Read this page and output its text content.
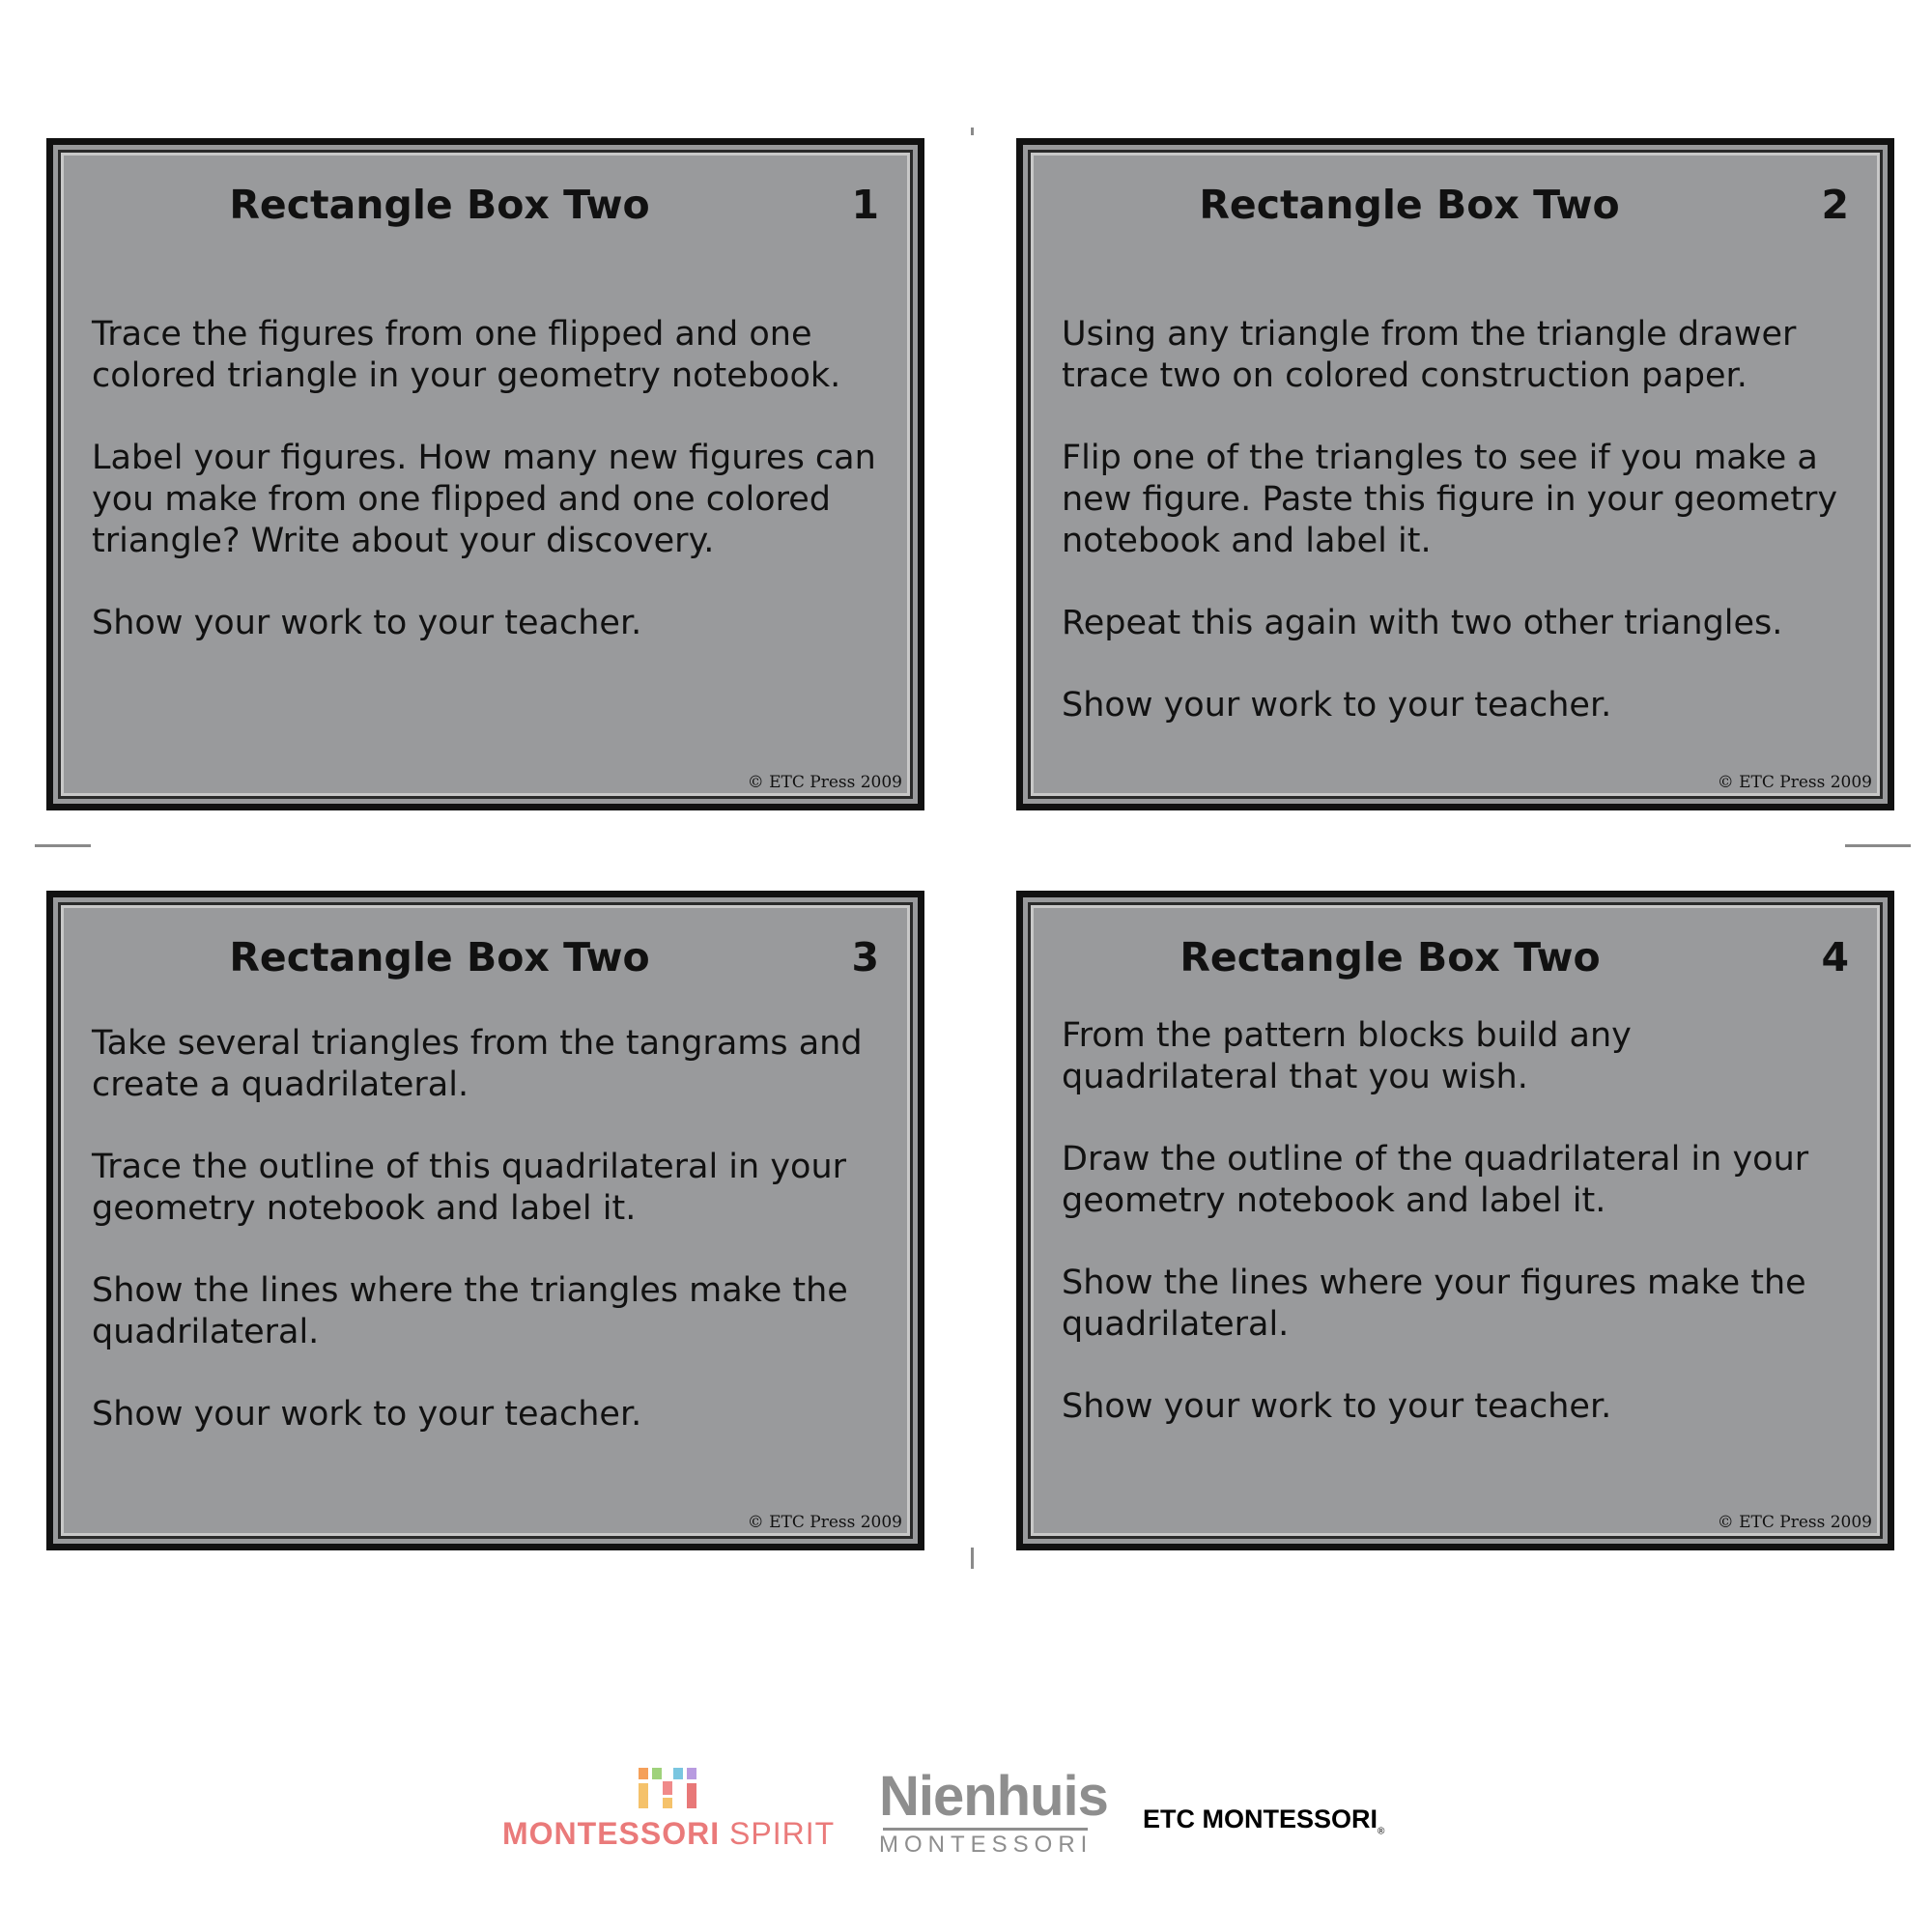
Rectangle Box Two	1

Trace the figures from one flipped and one colored triangle in your geometry notebook.

Label your figures. How many new figures can you make from one flipped and one colored triangle? Write about your discovery.

Show your work to your teacher.

© ETC Press 2009
Rectangle Box Two	2

Using any triangle from the triangle drawer trace two on colored construction paper.

Flip one of the triangles to see if you make a new figure. Paste this figure in your geometry notebook and label it.

Repeat this again with two other triangles.

Show your work to your teacher.

© ETC Press 2009
Rectangle Box Two	3

Take several triangles from the tangrams and create a quadrilateral.

Trace the outline of this quadrilateral in your geometry notebook and label it.

Show the lines where the triangles make the quadrilateral.

Show your work to your teacher.

© ETC Press 2009
Rectangle Box Two	4

From the pattern blocks build any quadrilateral that you wish.

Draw the outline of the quadrilateral in your geometry notebook and label it.

Show the lines where your figures make the quadrilateral.

Show your work to your teacher.

© ETC Press 2009
MONTESSORI SPIRIT
Nienhuis
MONTESSORI
ETC $MONTESSORI_®$
